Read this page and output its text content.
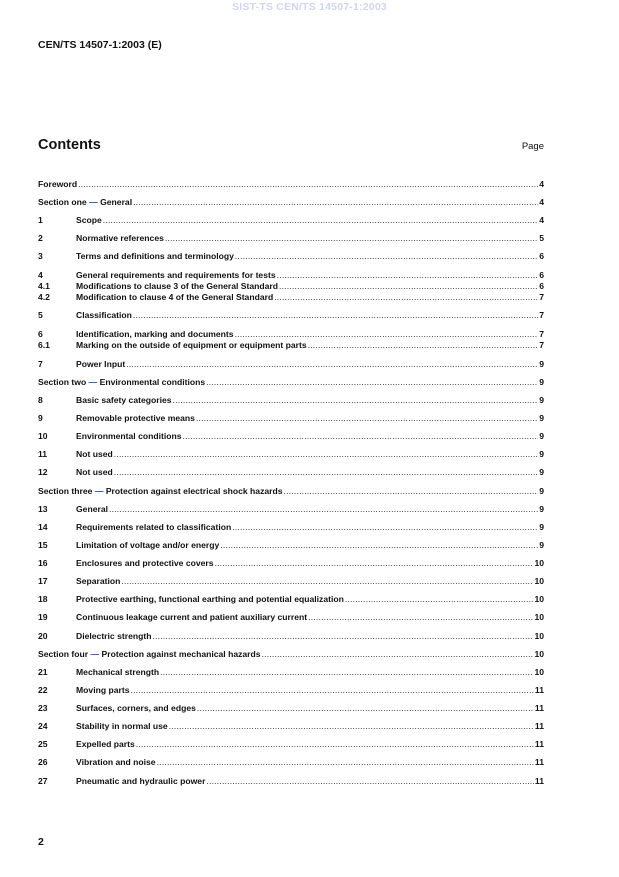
SIST-TS CEN/TS 14507-1:2003
CEN/TS 14507-1:2003 (E)
Contents	Page
Foreword .....	4
Section one — General .....	4
1	Scope .....	4
2	Normative references .....	5
3	Terms and definitions and terminology .....	6
4	General requirements and requirements for tests .....	6
4.1	Modifications to clause 3 of the General Standard .....	6
4.2	Modification to clause 4 of the General Standard .....	7
5	Classification .....	7
6	Identification, marking and documents .....	7
6.1	Marking on the outside of equipment or equipment parts .....	7
7	Power Input .....	9
Section two — Environmental conditions .....	9
8	Basic safety categories .....	9
9	Removable protective means .....	9
10	Environmental conditions .....	9
11	Not used .....	9
12	Not used .....	9
Section three — Protection against electrical shock hazards .....	9
13	General .....	9
14	Requirements related to classification .....	9
15	Limitation of voltage and/or energy .....	9
16	Enclosures and protective covers .....	10
17	Separation .....	10
18	Protective earthing, functional earthing and potential equalization .....	10
19	Continuous leakage current and patient auxiliary current .....	10
20	Dielectric strength .....	10
Section four — Protection against mechanical hazards .....	10
21	Mechanical strength .....	10
22	Moving parts .....	11
23	Surfaces, corners, and edges .....	11
24	Stability in normal use .....	11
25	Expelled parts .....	11
26	Vibration and noise .....	11
27	Pneumatic and hydraulic power .....	11
2
